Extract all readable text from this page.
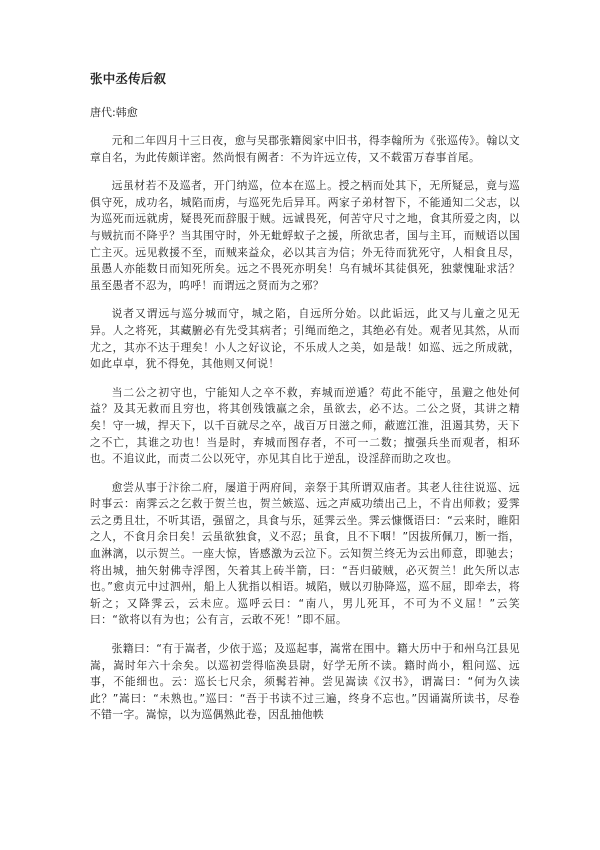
张中丞传后叙
唐代:韩愈

元和二年四月十三日夜，愈与吴郡张籍阅家中旧书，得李翰所为《张巡传》。翰以文章自名，为此传颇详密。然尚恨有阙者：不为许远立传，又不载雷万春事首尾。

远虽材若不及巡者，开门纳巡，位本在巡上。授之柄而处其下，无所疑忌，竟与巡俱守死，成功名，城陷而虏，与巡死先后异耳。两家子弟材智下，不能通知二父志，以为巡死而远就虏，疑畏死而辞服于贼。远诚畏死，何苦守尺寸之地，食其所爱之肉，以与贼抗而不降乎？当其围守时，外无蚍蜉蚁子之援，所欲忠者，国与主耳，而贼语以国亡主灭。远见救援不至，而贼来益众，必以其言为信；外无待而犹死守，人相食且尽，虽愚人亦能数日而知死所矣。远之不畏死亦明矣！乌有城坏其徒俱死，独蒙愧耻求活？虽至愚者不忍为，呜呼！而谓远之贤而为之邪？

说者又谓远与巡分城而守，城之陷，自远所分始。以此诟远，此又与儿童之见无异。人之将死，其藏腑必有先受其病者；引绳而绝之，其绝必有处。观者见其然，从而尤之，其亦不达于理矣！小人之好议论，不乐成人之美，如是哉！如巡、远之所成就，如此卓卓，犹不得免，其他则又何说！

当二公之初守也，宁能知人之卒不救，弃城而逆遁？苟此不能守，虽避之他处何益？及其无救而且穷也，将其创残饿羸之余，虽欲去，必不达。二公之贤，其讲之精矣！守一城，捍天下，以千百就尽之卒，战百万日滋之师，蔽遮江淮，沮遏其势，天下之不亡，其谁之功也！当是时，弃城而图存者，不可一二数；擅强兵坐而观者，相环也。不追议此，而责二公以死守，亦见其自比于逆乱，设淫辞而助之攻也。

愈尝从事于汴徐二府，屡道于两府间，亲祭于其所谓双庙者。其老人往往说巡、远时事云：南霁云之乞救于贺兰也，贺兰嫉巡、远之声威功绩出己上，不肯出师救；爱霁云之勇且壮，不听其语，强留之，具食与乐，延霁云坐。霁云慷慨语曰：“云来时，睢阳之人，不食月余日矣！云虽欲独食，义不忍；虽食，且不下咽！”因拔所佩刀，断一指，血淋漓，以示贺兰。一座大惊，皆感激为云泣下。云知贺兰终无为云出师意，即驰去；将出城，抽矢射佛寺浮图，矢着其上砖半箭，曰：“吾归破贼，必灭贺兰！此矢所以志也。”愈贞元中过泗州，船上人犹指以相语。城陷，贼以刃胁降巡，巡不屈，即牵去，将斩之；又降霁云，云未应。巡呼云曰：“南八，男儿死耳，不可为不义屈！”云笑曰：“欲将以有为也；公有言，云敢不死！”即不屈。

张籍曰：“有于嵩者，少依于巡；及巡起事，嵩常在围中。籍大历中于和州乌江县见嵩，嵩时年六十余矣。以巡初尝得临涣县尉，好学无所不读。籍时尚小，粗问巡、远事，不能细也。云：巡长七尺余，须髯若神。尝见嵩读《汉书》，谓嵩曰：“何为久读此？”嵩曰：“未熟也。”巡曰：“吾于书读不过三遍，终身不忘也。”因诵嵩所读书，尽卷不错一字。嵩惊，以为巡偶熟此卷，因乱抽他帙
